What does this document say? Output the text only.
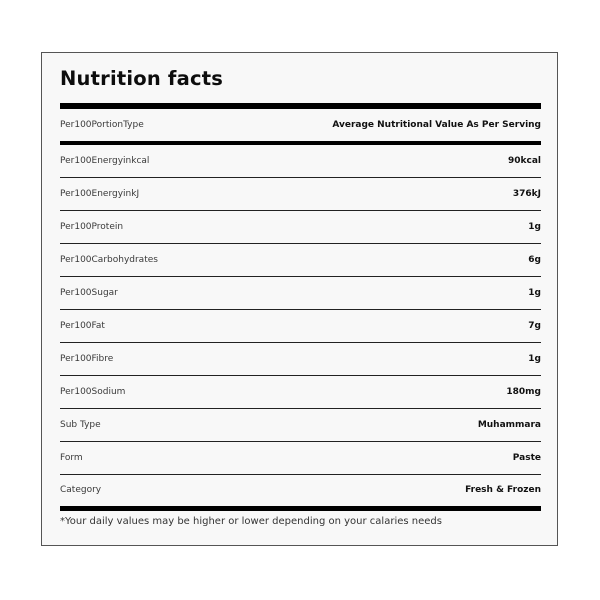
Nutrition facts
Per100PortionType	Average Nutritional Value As Per Serving
Per100Energyinkcal	90kcal
Per100EnergyinkJ	376kJ
Per100Protein	1g
Per100Carbohydrates	6g
Per100Sugar	1g
Per100Fat	7g
Per100Fibre	1g
Per100Sodium	180mg
Sub Type	Muhammara
Form	Paste
Category	Fresh & Frozen
*Your daily values may be higher or lower depending on your calaries needs
